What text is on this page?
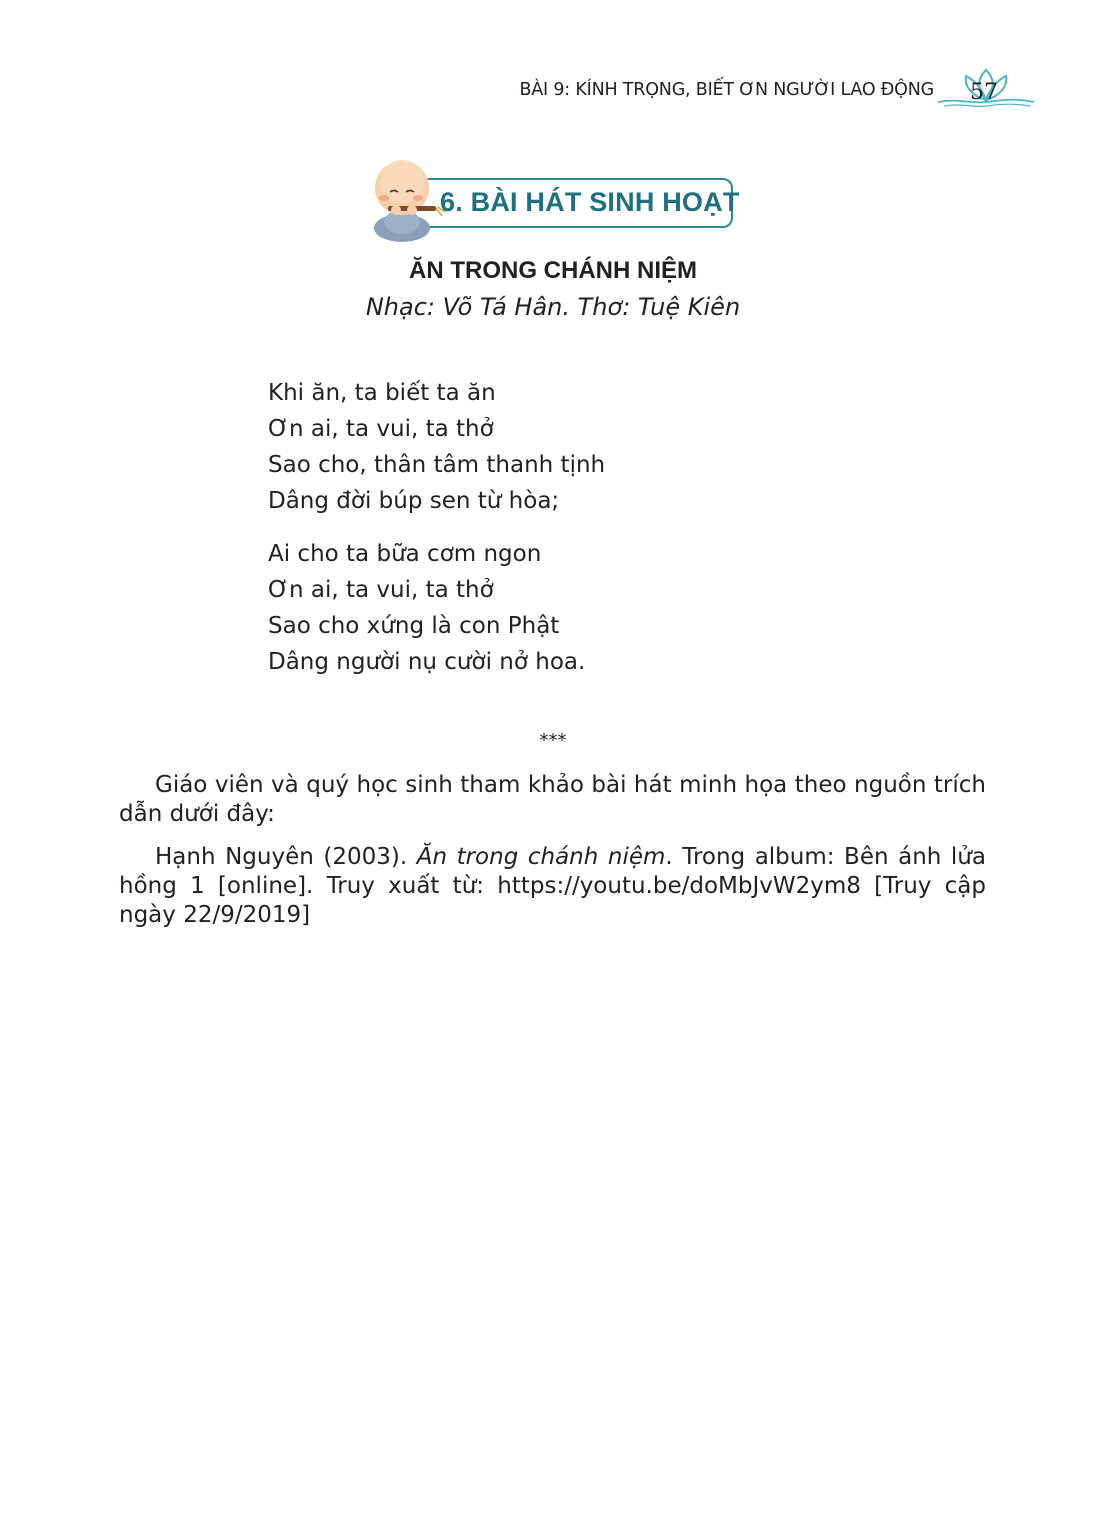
BÀI 9: KÍNH TRỌNG, BIẾT ƠN NGƯỜI LAO ĐỘNG	57
6. BÀI HÁT SINH HOẠT
ĂN TRONG CHÁNH NIỆM
Nhạc: Võ Tá Hân. Thơ: Tuệ Kiên
Khi ăn, ta biết ta ăn
Ơn ai, ta vui, ta thở
Sao cho, thân tâm thanh tịnh
Dâng đời búp sen từ hòa;
Ai cho ta bữa cơm ngon
Ơn ai, ta vui, ta thở
Sao cho xứng là con Phật
Dâng người nụ cười nở hoa.
***
Giáo viên và quý học sinh tham khảo bài hát minh họa theo nguồn trích dẫn dưới đây:
Hạnh Nguyên (2003). Ăn trong chánh niệm. Trong album: Bên ánh lửa hồng 1 [online]. Truy xuất từ: https://youtu.be/doMbJvW2ym8 [Truy cập ngày 22/9/2019]
